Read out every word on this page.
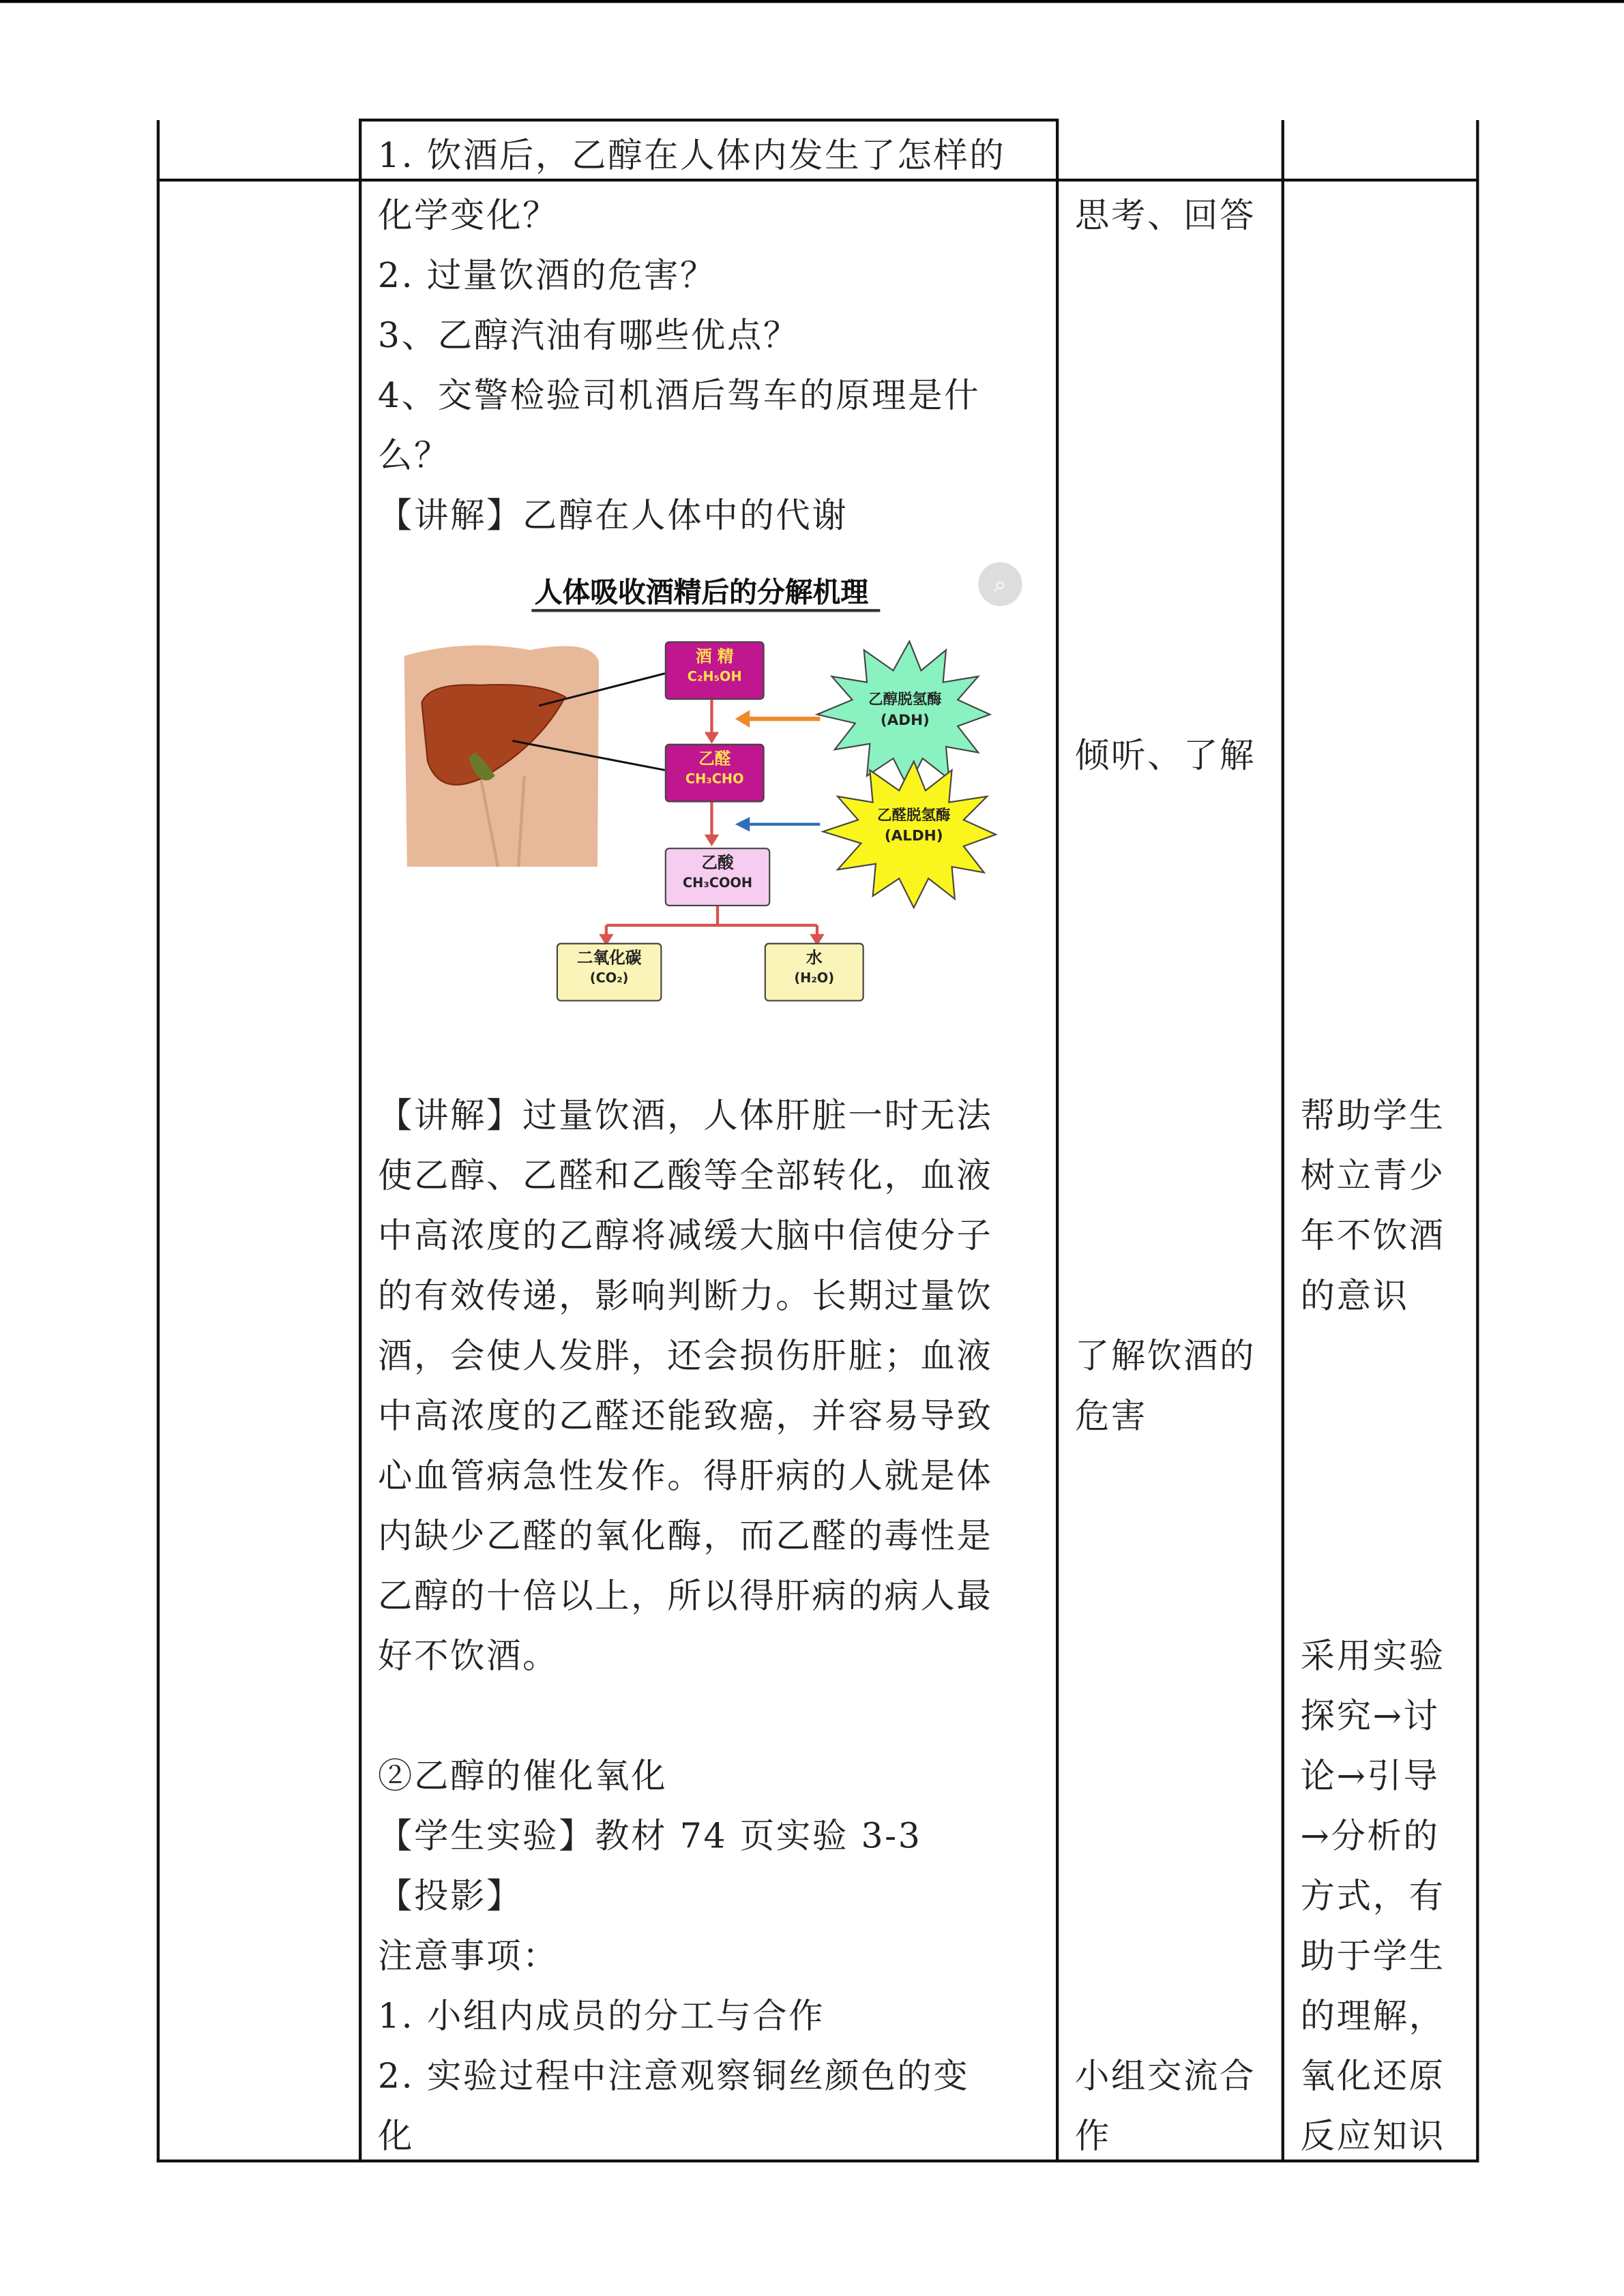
1. 饮酒后，乙醇在人体内发生了怎样的
化学变化？
2. 过量饮酒的危害？
3、乙醇汽油有哪些优点？
4、交警检验司机酒后驾车的原理是什
么？
【讲解】乙醇在人体中的代谢
人体吸收酒精后的分解机理	⌕
乙醇脱氢酶
(ADH)
乙醛脱氢酶
(ALDH)
酒 精
C₂H₅OH
乙醛
CH₃CHO
乙酸
CH₃COOH
二氧化碳
(CO₂)
水
(H₂O)
【讲解】过量饮酒，人体肝脏一时无法
使乙醇、乙醛和乙酸等全部转化，血液
中高浓度的乙醇将减缓大脑中信使分子
的有效传递，影响判断力。长期过量饮
酒，会使人发胖，还会损伤肝脏；血液
中高浓度的乙醛还能致癌，并容易导致
心血管病急性发作。得肝病的人就是体
内缺少乙醛的氧化酶，而乙醛的毒性是
乙醇的十倍以上，所以得肝病的病人最
好不饮酒。
②乙醇的催化氧化
【学生实验】教材 74 页实验 3-3
【投影】
注意事项：
1. 小组内成员的分工与合作
2. 实验过程中注意观察铜丝颜色的变
化
思考、回答
倾听、了解
了解饮酒的
危害
小组交流合
作
帮助学生
树立青少
年不饮酒
的意识
采用实验
探究→讨
论→引导
→分析的
方式，有
助于学生
的理解，
氧化还原
反应知识
